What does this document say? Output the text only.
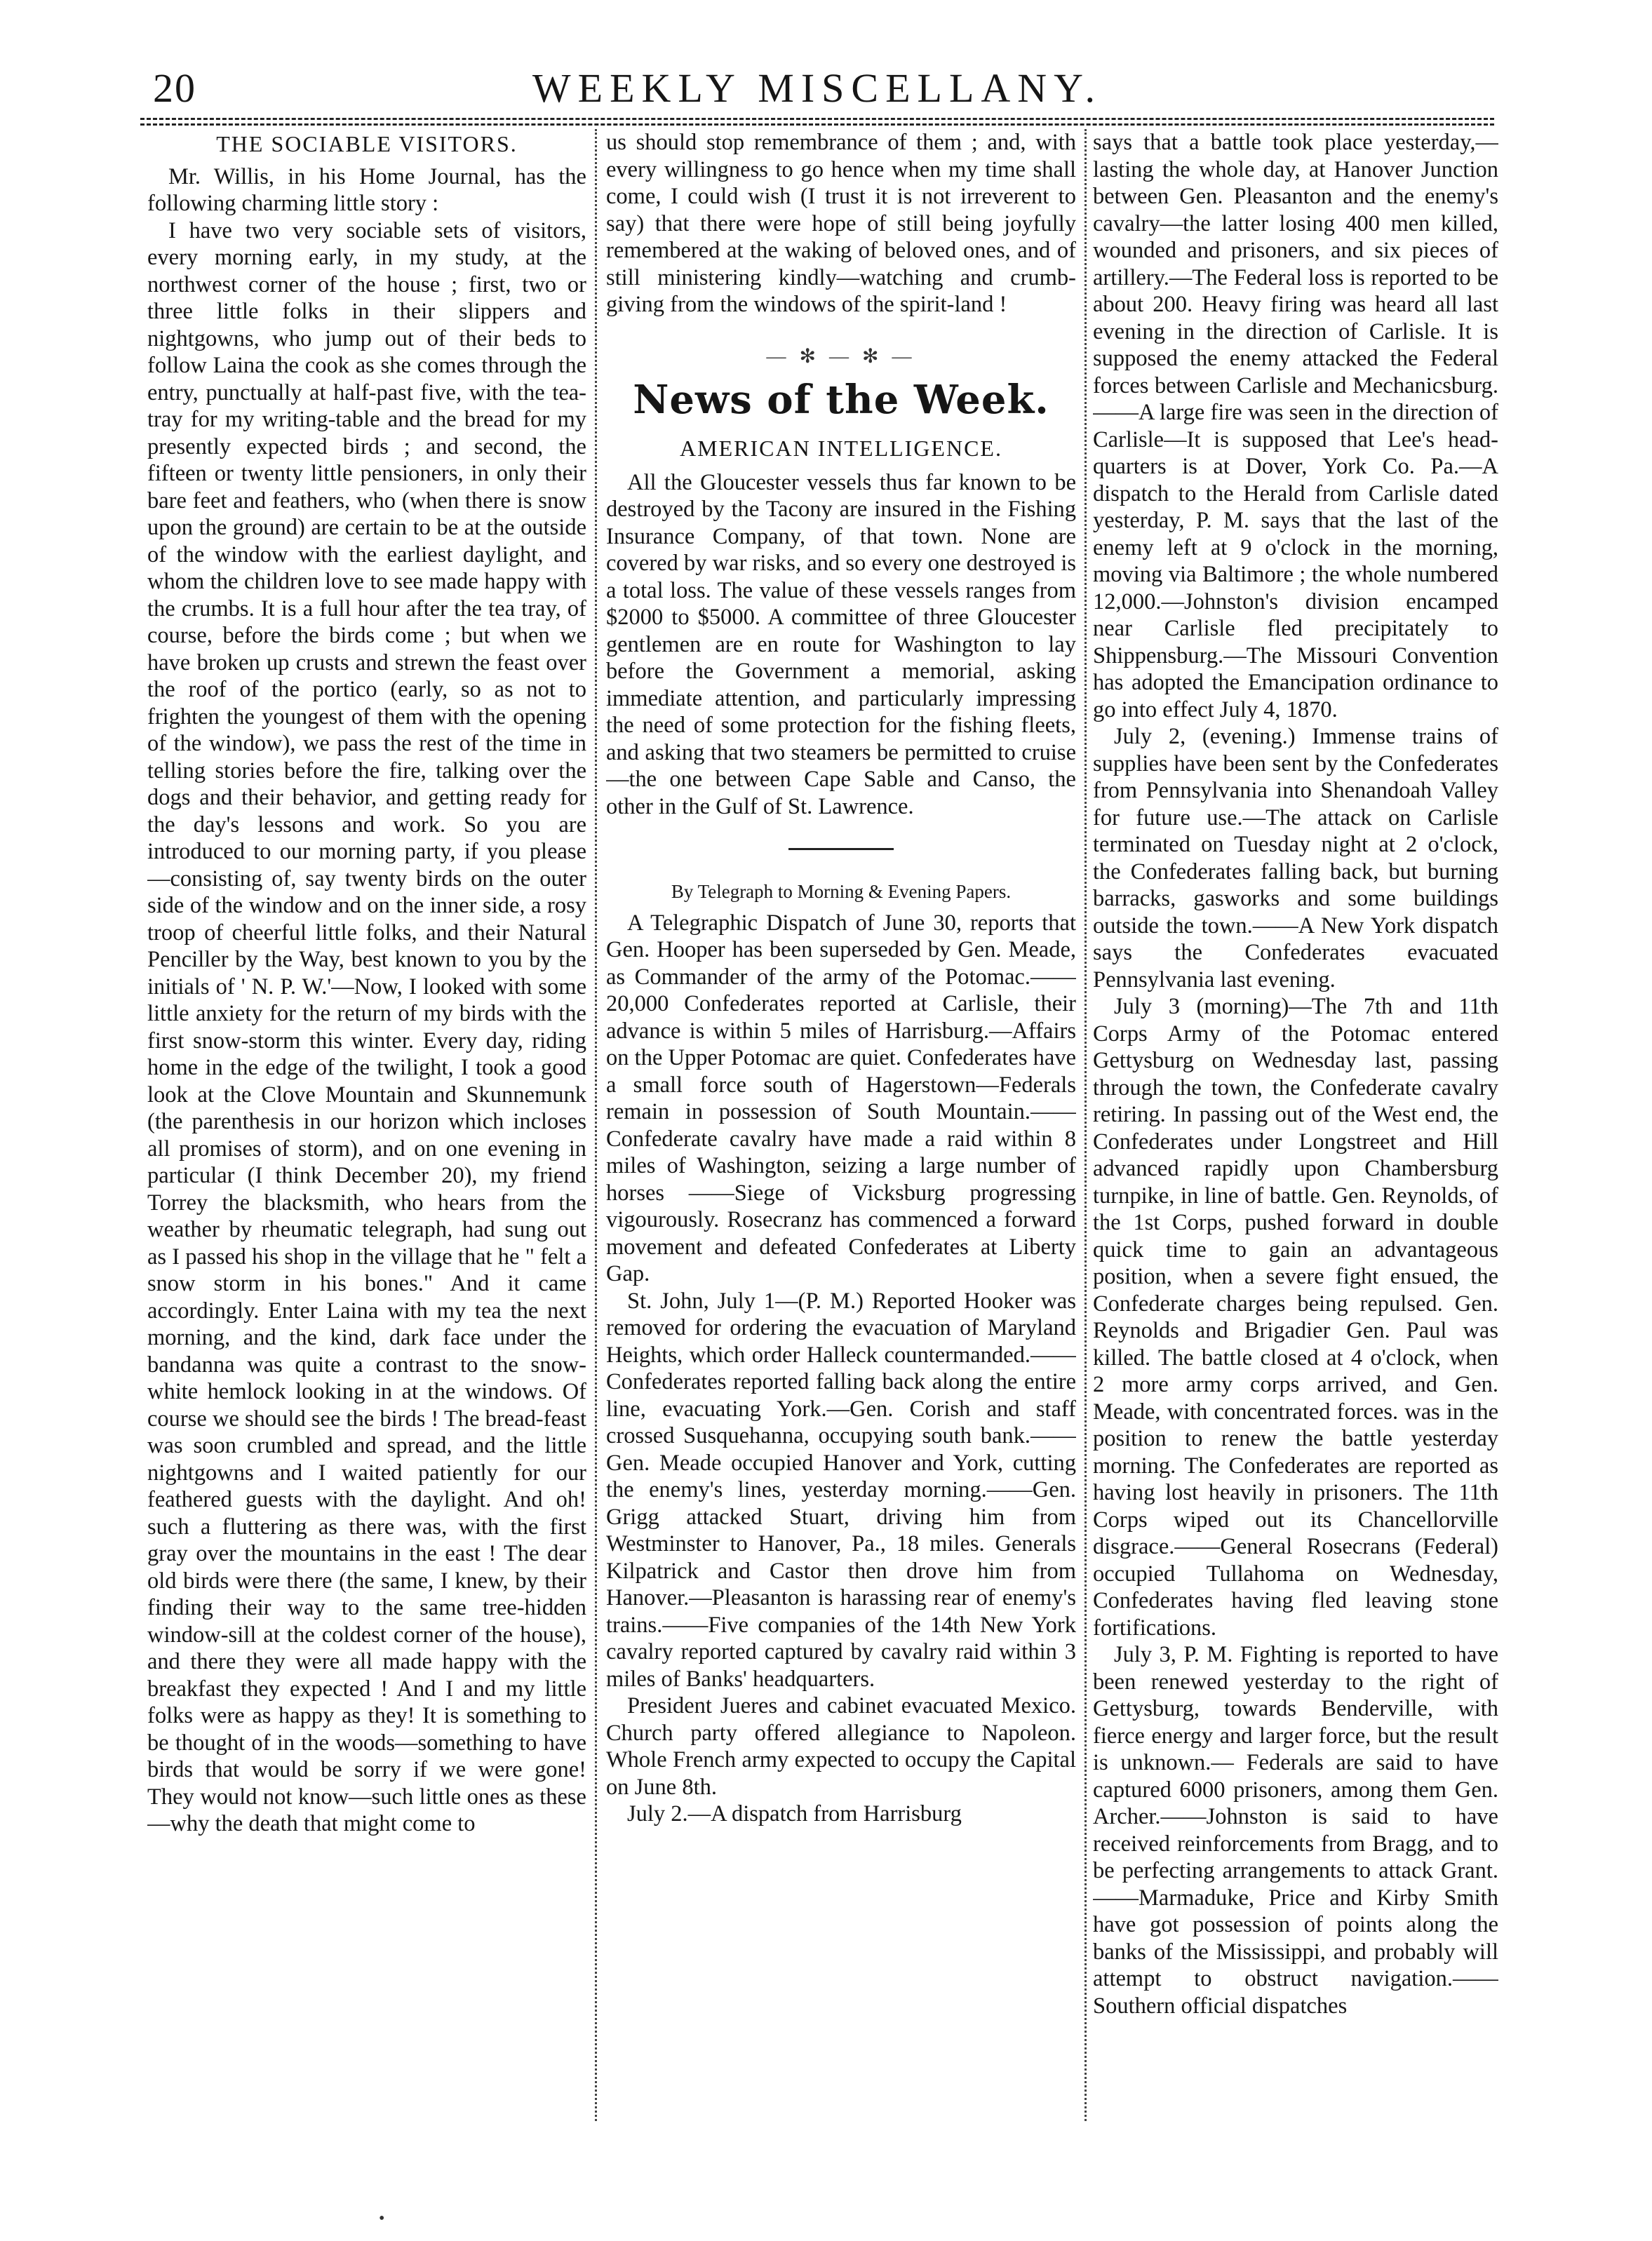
20	WEEKLY MISCELLANY.
THE SOCIABLE VISITORS.

Mr. Willis, in his Home Journal, has the following charming little story :

I have two very sociable sets of visitors, every morning early, in my study, at the northwest corner of the house ; first, two or three little folks in their slippers and nightgowns, who jump out of their beds to follow Laina the cook as she comes through the entry, punctually at half-past five, with the tea-tray for my writing-table and the bread for my presently expected birds ; and second, the fifteen or twenty little pensioners, in only their bare feet and feathers, who (when there is snow upon the ground) are certain to be at the outside of the window with the earliest daylight, and whom the children love to see made happy with the crumbs. It is a full hour after the tea tray, of course, before the birds come ; but when we have broken up crusts and strewn the feast over the roof of the portico (early, so as not to frighten the youngest of them with the opening of the window), we pass the rest of the time in telling stories before the fire, talking over the dogs and their behavior, and getting ready for the day's lessons and work. So you are introduced to our morning party, if you please—consisting of, say twenty birds on the outer side of the window and on the inner side, a rosy troop of cheerful little folks, and their Natural Penciller by the Way, best known to you by the initials of ' N. P. W.'—Now, I looked with some little anxiety for the return of my birds with the first snow-storm this winter. Every day, riding home in the edge of the twilight, I took a good look at the Clove Mountain and Skunnemunk (the parenthesis in our horizon which incloses all promises of storm), and on one evening in particular (I think December 20), my friend Torrey the blacksmith, who hears from the weather by rheumatic telegraph, had sung out as I passed his shop in the village that he " felt a snow storm in his bones." And it came accordingly. Enter Laina with my tea the next morning, and the kind, dark face under the bandanna was quite a contrast to the snow-white hemlock looking in at the windows. Of course we should see the birds ! The bread-feast was soon crumbled and spread, and the little nightgowns and I waited patiently for our feathered guests with the daylight. And oh! such a fluttering as there was, with the first gray over the mountains in the east ! The dear old birds were there (the same, I knew, by their finding their way to the same tree-hidden window-sill at the coldest corner of the house), and there they were all made happy with the breakfast they expected ! And I and my little folks were as happy as they! It is something to be thought of in the woods—something to have birds that would be sorry if we were gone! They would not know—such little ones as these—why the death that might come to

us should stop remembrance of them ; and, with every willingness to go hence when my time shall come, I could wish (I trust it is not irreverent to say) that there were hope of still being joyfully remembered at the waking of beloved ones, and of still ministering kindly—watching and crumb-giving from the windows of the spirit-land !

— ✻ — ✻ —
News of the Week.
AMERICAN INTELLIGENCE.

All the Gloucester vessels thus far known to be destroyed by the Tacony are insured in the Fishing Insurance Company, of that town. None are covered by war risks, and so every one destroyed is a total loss. The value of these vessels ranges from $2000 to $5000. A committee of three Gloucester gentlemen are en route for Washington to lay before the Government a memorial, asking immediate attention, and particularly impressing the need of some protection for the fishing fleets, and asking that two steamers be permitted to cruise—the one between Cape Sable and Canso, the other in the Gulf of St. Lawrence.

By Telegraph to Morning & Evening Papers.

A Telegraphic Dispatch of June 30, reports that Gen. Hooper has been superseded by Gen. Meade, as Commander of the army of the Potomac.——20,000 Confederates reported at Carlisle, their advance is within 5 miles of Harrisburg.—Affairs on the Upper Potomac are quiet. Confederates have a small force south of Hagerstown—Federals remain in possession of South Mountain.——Confederate cavalry have made a raid within 8 miles of Washington, seizing a large number of horses ——Siege of Vicksburg progressing vigourously. Rosecranz has commenced a forward movement and defeated Confederates at Liberty Gap.

St. John, July 1—(P. M.) Reported Hooker was removed for ordering the evacuation of Maryland Heights, which order Halleck countermanded.——Confederates reported falling back along the entire line, evacuating York.—Gen. Corish and staff crossed Susquehanna, occupying south bank.——Gen. Meade occupied Hanover and York, cutting the enemy's lines, yesterday morning.——Gen. Grigg attacked Stuart, driving him from Westminster to Hanover, Pa., 18 miles. Generals Kilpatrick and Castor then drove him from Hanover.—Pleasanton is harassing rear of enemy's trains.——Five companies of the 14th New York cavalry reported captured by cavalry raid within 3 miles of Banks' headquarters.

President Jueres and cabinet evacuated Mexico. Church party offered allegiance to Napoleon. Whole French army expected to occupy the Capital on June 8th.

July 2.—A dispatch from Harrisburg

says that a battle took place yesterday,—lasting the whole day, at Hanover Junction between Gen. Pleasanton and the enemy's cavalry—the latter losing 400 men killed, wounded and prisoners, and six pieces of artillery.—The Federal loss is reported to be about 200. Heavy firing was heard all last evening in the direction of Carlisle. It is supposed the enemy attacked the Federal forces between Carlisle and Mechanicsburg.——A large fire was seen in the direction of Carlisle—It is supposed that Lee's head-quarters is at Dover, York Co. Pa.—A dispatch to the Herald from Carlisle dated yesterday, P. M. says that the last of the enemy left at 9 o'clock in the morning, moving via Baltimore ; the whole numbered 12,000.—Johnston's division encamped near Carlisle fled precipitately to Shippensburg.—The Missouri Convention has adopted the Emancipation ordinance to go into effect July 4, 1870.

July 2, (evening.) Immense trains of supplies have been sent by the Confederates from Pennsylvania into Shenandoah Valley for future use.—The attack on Carlisle terminated on Tuesday night at 2 o'clock, the Confederates falling back, but burning barracks, gasworks and some buildings outside the town.——A New York dispatch says the Confederates evacuated Pennsylvania last evening.

July 3 (morning)—The 7th and 11th Corps Army of the Potomac entered Gettysburg on Wednesday last, passing through the town, the Confederate cavalry retiring. In passing out of the West end, the Confederates under Longstreet and Hill advanced rapidly upon Chambersburg turnpike, in line of battle. Gen. Reynolds, of the 1st Corps, pushed forward in double quick time to gain an advantageous position, when a severe fight ensued, the Confederate charges being repulsed. Gen. Reynolds and Brigadier Gen. Paul was killed. The battle closed at 4 o'clock, when 2 more army corps arrived, and Gen. Meade, with concentrated forces. was in the position to renew the battle yesterday morning. The Confederates are reported as having lost heavily in prisoners. The 11th Corps wiped out its Chancellorville disgrace.——General Rosecrans (Federal) occupied Tullahoma on Wednesday, Confederates having fled leaving stone fortifications.

July 3, P. M. Fighting is reported to have been renewed yesterday to the right of Gettysburg, towards Benderville, with fierce energy and larger force, but the result is unknown.— Federals are said to have captured 6000 prisoners, among them Gen. Archer.——Johnston is said to have received reinforcements from Bragg, and to be perfecting arrangements to attack Grant.——Marmaduke, Price and Kirby Smith have got possession of points along the banks of the Mississippi, and probably will attempt to obstruct navigation.——Southern official dispatches

•
